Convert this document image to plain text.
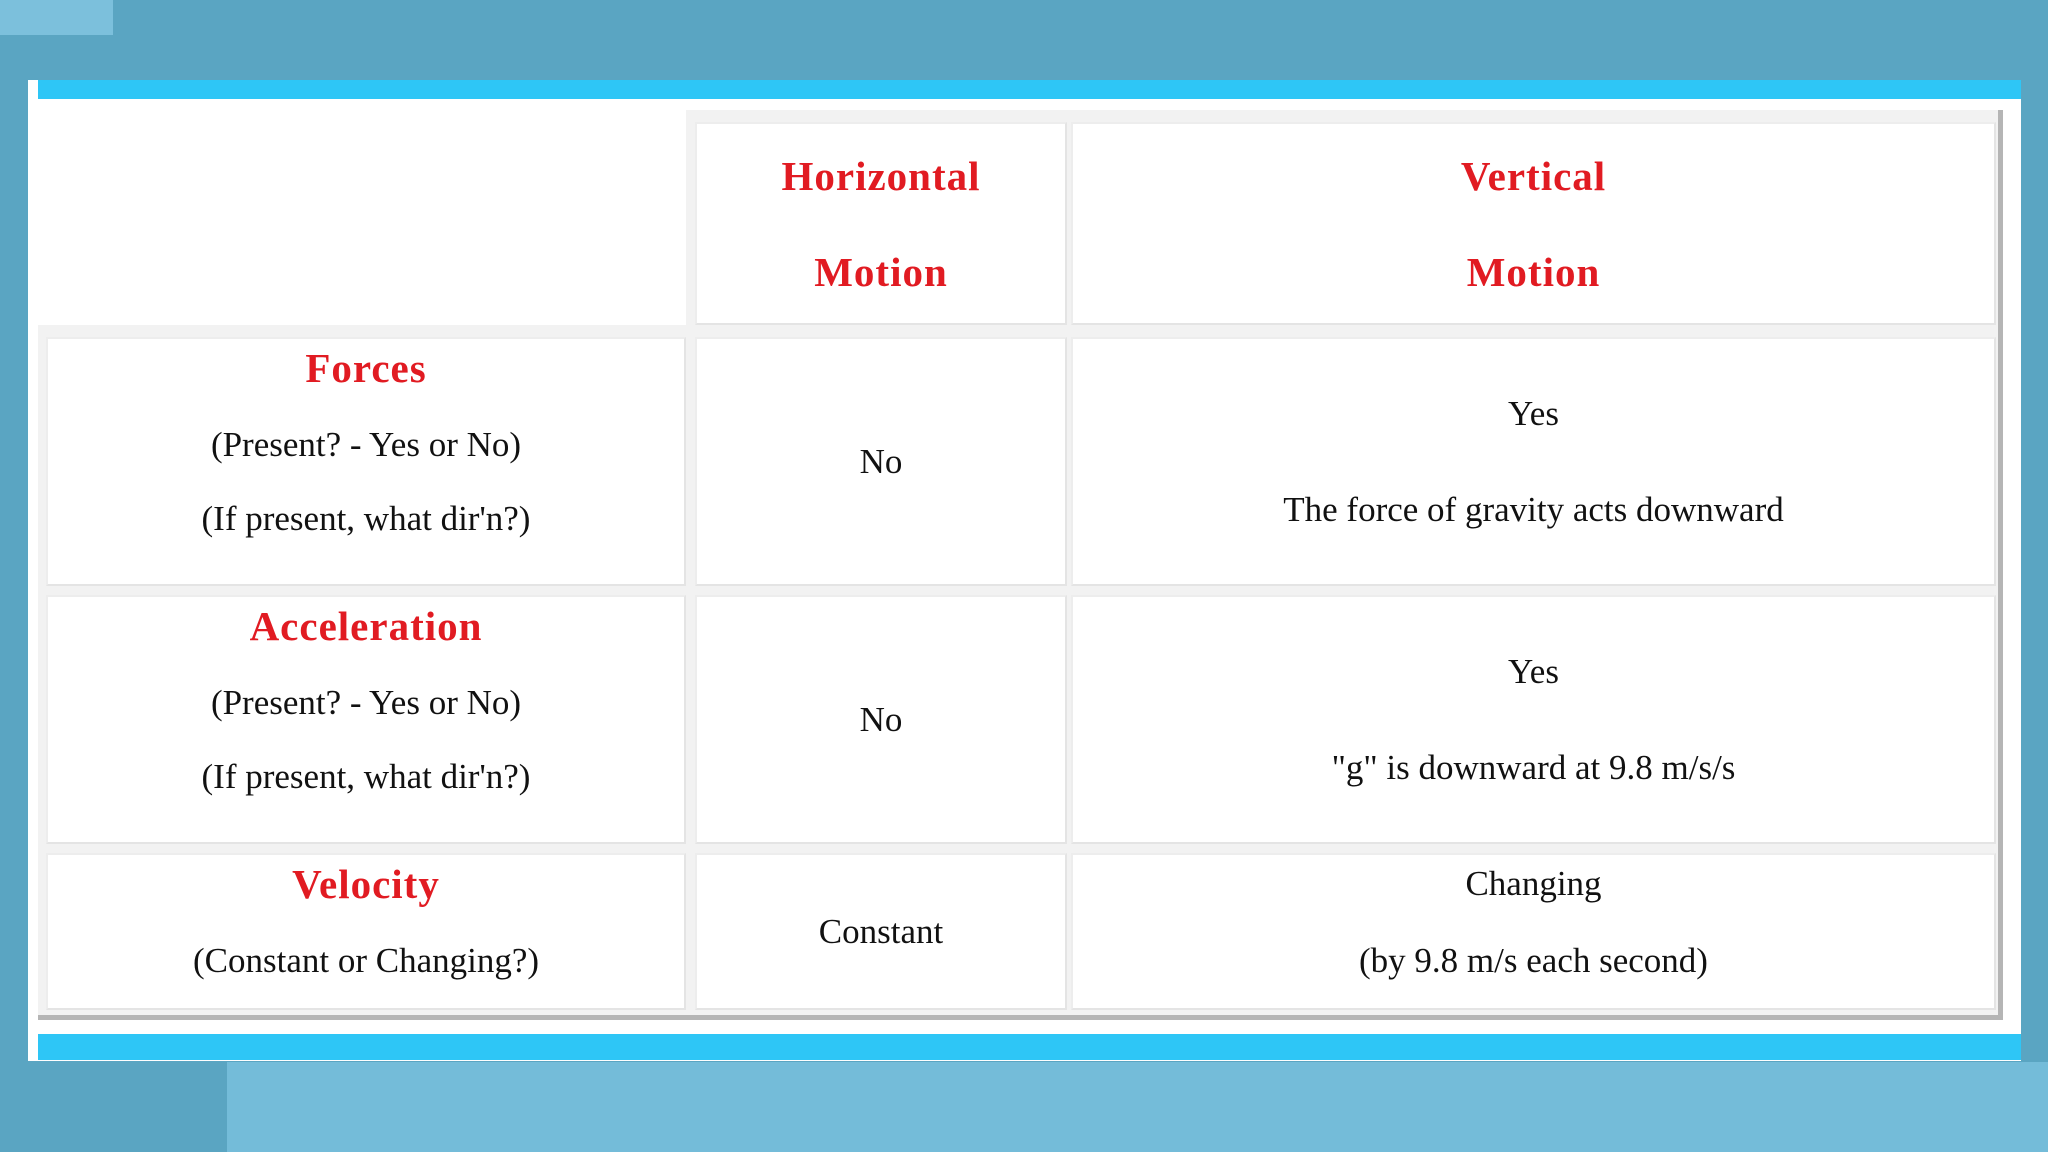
Horizontal
Motion
Vertical
Motion
Forces
(Present? - Yes or No)
(If present, what dir'n?)
No
Yes
The force of gravity acts downward
Acceleration
(Present? - Yes or No)
(If present, what dir'n?)
No
Yes
"g" is downward at 9.8 m/s/s
Velocity
(Constant or Changing?)
Constant
Changing
(by 9.8 m/s each second)
